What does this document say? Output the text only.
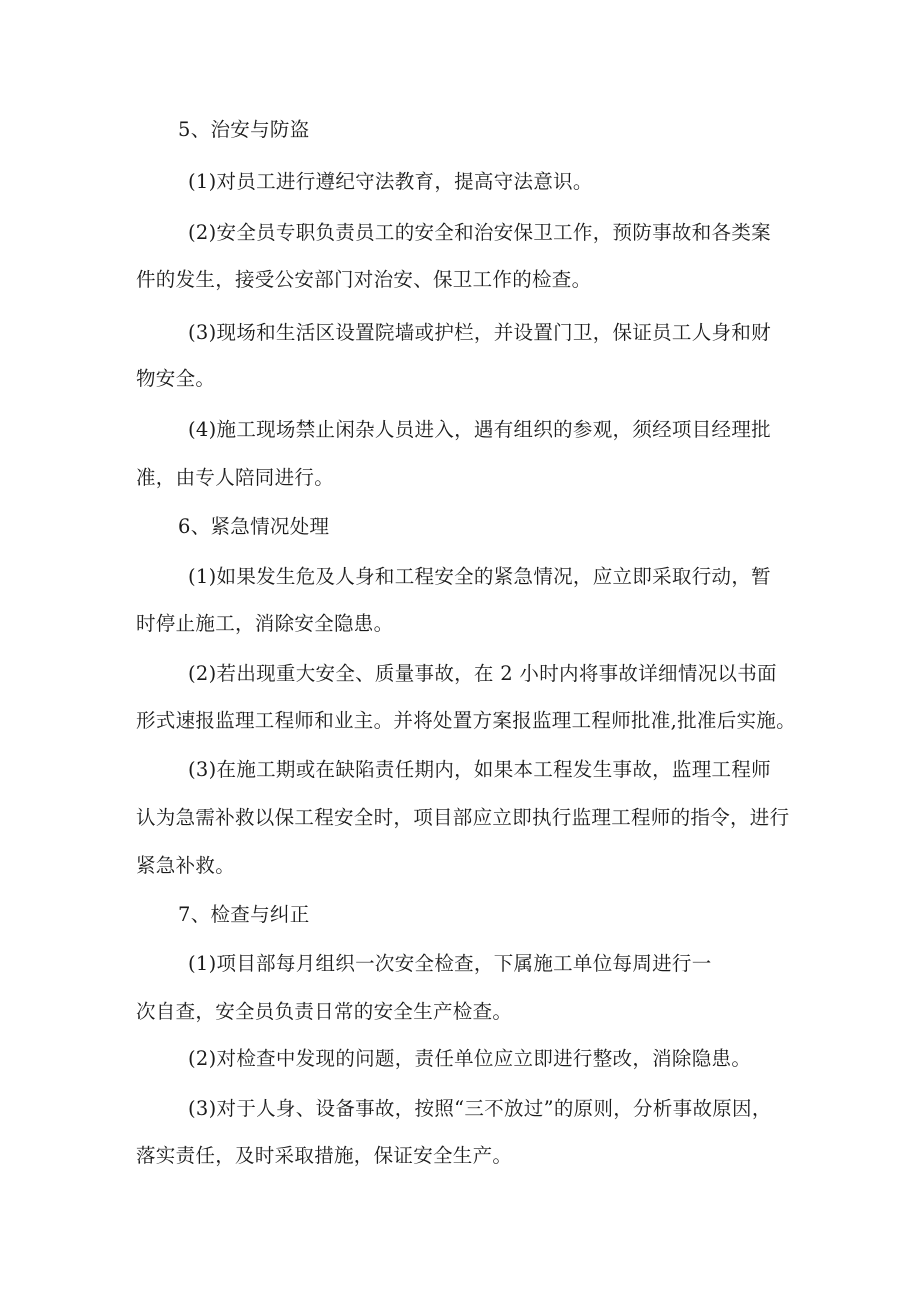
5、治安与防盗

(1)对员工进行遵纪守法教育，提高守法意识。

(2)安全员专职负责员工的安全和治安保卫工作，预防事故和各类案

件的发生，接受公安部门对治安、保卫工作的检查。

(3)现场和生活区设置院墙或护栏，并设置门卫，保证员工人身和财

物安全。

(4)施工现场禁止闲杂人员进入，遇有组织的参观，须经项目经理批

准，由专人陪同进行。

6、紧急情况处理

(1)如果发生危及人身和工程安全的紧急情况，应立即采取行动，暂

时停止施工，消除安全隐患。

(2)若出现重大安全、质量事故，在 2 小时内将事故详细情况以书面

形式速报监理工程师和业主。并将处置方案报监理工程师批准,批准后实施。

(3)在施工期或在缺陷责任期内，如果本工程发生事故，监理工程师

认为急需补救以保工程安全时，项目部应立即执行监理工程师的指令，进行

紧急补救。

7、检查与纠正

(1)项目部每月组织一次安全检查，下属施工单位每周进行一

次自查，安全员负责日常的安全生产检查。

(2)对检查中发现的问题，责任单位应立即进行整改，消除隐患。

(3)对于人身、设备事故，按照“三不放过”的原则，分析事故原因，

落实责任，及时采取措施，保证安全生产。
